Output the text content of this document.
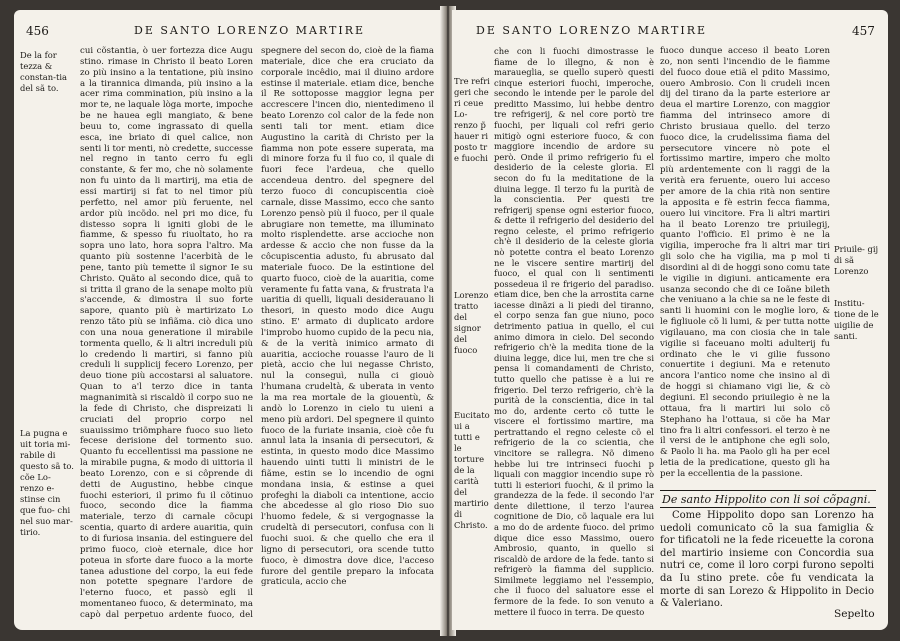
456	DE SANTO LORENZO MARTIRE
De la for tezza & constan-tia del sã to.
La pugna e uit toria mi-rabile di questo sã to. cõe Lo- renzo e- stinse cin que fuo- chi nel suo mar- tirio.

cui cõstantia, ò uer fortezza dice Augu stino. rimase in Christo il beato Loren zo più insino a la tentatione, più insino a la tirannica dimanda, più insino a la acer rima commination, più insino a la mor te, ne laquale lòga morte, impoche be ne hauea egli mangiato, & bene beuu to, come ingrassato di quella esca, ine briato di quel calice, non senti li tor menti, nò credette, successe nel regno in tanto cerro fu egli constante, & fer mo, che nò solamente non fu uinto da li martirij, ma etia de essi martirij si fat to nel timor più perfetto, nel amor più feruente, nel ardor più incõdo. nel pri mo dice, fu distesso sopra li igniti globi de le fiamme, & spesso fu riuoltato, ho ra sopra uno lato, hora sopra l'altro. Ma quanto più sostenne l'acerbità de le pene, tanto più temette il signor Ie su Christo. Quãto al secondo dice, quã to si tritta il grano de la senape molto più s'accende, & dimostra il suo forte sapore, quanto più è martirizato Lo renzo tãto più se infiãma. ciò dica uno con una noua generatione il mirabile tormenta quello, & li altri increduli più lo credendo li martiri, si fanno più creduli li supplicij fecero Lorenzo, per deuo tione più accostarsi al saluatore. Quan to a'l terzo dice in tanta magnanimità si riscaldò il corpo suo ne la fede di Christo, che dispreizati li cruciati del proprio corpo nel suauissimo triõmphare fuoco suo lieto fecese derisione del tormento suo. Quanto fu eccellentissi ma passione ne la mirabile pugna, & modo di uittoria il beato Lorenzo, con e si côprende di detti de Augustino, hebbe cinque fuochi esteriori, il primo fu il cõtinuo fuoco, secondo dice la fiamma materiale, terzo di carnale cõcupi scentia, quarto di ardere auaritia, quin to di furiosa insania. del estinguere del primo fuoco, cioè eternale, dice hor poteua in sforte dare fuoco a la morte tanea adustione del corpo, la eui fede non potette spegnare l'ardore de l'eterno fuoco, et passò egli il momentaneo fuoco, & determinato, ma capò dal perpetuo ardente fuoco, del spegnere del secon do, cioè de la fiama materiale, dice che era cruciato da corporale incêdio, mai il diuino ardore estinse il materiale. etiam dice, benche il Re sottoposse maggior legna per accrescere l'incen dio, nientedimeno il beato Lorenzo col calor de la fede non senti tali tor ment. etiam dice Augustino la carità di Christo per la fiamma non pote essere superata, ma di minore forza fu il fuo co, il quale di fuori fece l'ardeua, che quello accendeua dentro. del spegnere del terzo fuoco di concupiscentia cioè carnale, disse Massimo, ecco che santo Lorenzo pensò più il fuoco, per il quale abrugiare non temette, ma illuminato molto risplendette. arse accioche non ardesse & accio che non fusse da la côcupiscentia adusto, fu abrusato dal materiale fuoco. De la estintione del quarto fuoco, cioè de la auaritia, come veramente fu fatta vana, & frustrata l'a uaritia di quelli, liquali desiderauano li thesori, in questo modo dice Augu stino. E' armato di duplicato ardore l'improbo huomo cupido de la pecu nia, & de la verità inimico armato di auaritia, accioche rouasse l'auro de li pietà, accio che lui negasse Christo, nul la conseguì, nulla ci giouò l'humana crudeltà, & uberata in vento la ma rea mortale de la giouentù, & andò lo Lorenzo in cielo tu uieni a meno più ardori. Del spegnere il quinto fuoco de la furiate insania, cioè côe fu annul lata la insania di persecutori, & estinta, in questo modo dice Massimo hauendo uinti tutti li ministri de le fiãme, estin se lo incendio de ogni mondana insia, & estinse a quei profeghi la diaboli ca intentione, accio che abcedesse al glo rioso Dio suo l'huomo fedele, & si vergognasse la crudeltà di persecutori, confusa con li fuochi suoi. & che quello che era il ligno di persecutori, ora scende tutto fuoco, è dimostra dove dice, l'acceso furore del gentile preparo la infocata graticula, accio che

DE SANTO LORENZO MARTIRE	457
Tre refri geri che ri ceue Lo- renzo p̃ hauer ri posto tr e fuochi
Lorenzo tratto del signor del fuoco
Eucitato ui a tutti e le torture de la carità del martirio di Christo.
Priuile- gij di sã Lorenzo
Institu- tione de le uigilie de santi.

che con li fuochi dimostrasse le fiame de lo illegno, & non è maraueglia, se quello superò questi cinque esteriori fuochi, imperoche, secondo le intende per le parole del preditto Massimo, lui hebbe dentro tre refrigerij, & nel core portò tre fuochi, per liquali col refri gerio mitigò ogni esteriore fuoco, & con maggiore incendio de ardore su però. Onde il primo refrigerio fu el desiderio de la celeste gloria. El secon do fu la meditatione de la diuina legge. Il terzo fu la purità de la conscientia. Per questi tre refrigerij spense ogni esterior fuoco, & dette il refrigerio del desiderio del regno celeste, el primo refrigerio ch'è il desiderio de la celeste gloria nò potette contra el beato Lorenzo ne le viscere sentire martirij del fuoco, el qual con li sentimenti possedeua il re frigerio del paradiso. etiam dice, ben che la arrostita carne iacesse dinãzi a li piedi del tiranno, el corpo senza fan gue niuno, poco detrimento patiua in quello, el cui animo dimora in cielo. Del secondo refrigerio ch'è la medita tione de la diuina legge, dice lui, men tre che si pensa li comandamenti de Christo, tutto quello che patisse è a lui re frigerio. Del terzo refrigerio, ch'è la purità de la conscientia, dice in tal mo do, ardente certo cõ tutte le viscere el fortissimo martire, ma pertrattando el regno celeste cõ el refrigerio de la co scientia, che vincitore se rallegra. Nõ dimeno hebbe lui tre intrinseci fuochi p liquali con maggior incendio supe rò tutti li esteriori fuochi, & il primo la grandezza de la fede. il secondo l'ar dente dilettione, il terzo l'aurea cognitione de Dio, cõ laquale era lui a mo do de ardente fuoco. del primo dique dice esso Massimo, ouero Ambrosio, quanto, in quello si riscaldò de ardore de la fede. tanto si refrigerò la fiamma del supplicio. Similmete leggiamo nel l'essempio, che il fuoco del saluatore esse el fermore de la fede. Io son venuto a mettere il fuoco in terra. De questo

fuoco dunque acceso il beato Loren zo, non senti l'incendio de le fiamme del fuoco doue etiã el pdito Massimo, ouero Ambrosio. Con li crudeli incen dij del tirano da la parte esteriore ar deua el martire Lorenzo, con maggior fiamma del intrinseco amore di Christo brusiaua quello. del terzo fuoco dice, la crudelissima fiama del persecutore vincere nò pote el fortissimo martire, impero che molto più ardentemente con li raggi de la verità era feruente, ouero lui acceso per amore de la chia rità non sentire la apposita e fè estrin fecca fiamma, ouero lui vincitore. Fra li altri martiri ha il beato Lorenzo tre priuilegij, quanto l'officio. El primo è ne la vigilia, imperoche fra li altri mar tiri gli solo che ha vigilia, ma p mol ti disordini al di de hoggi sono comu tate le vigilie in digiuni. anticamente era usanza secondo che di ce Ioãne bileth che veniuano a la chie sa ne le feste di santi li huomini con le moglie loro, & le figliuole cõ li lumi, & per tutta notte vigilauano, ma con ciosia che in tale vigilie si faceuano molti adulterij fu ordinato che le vi gilie fussono conuertite i degiuni. Ma e retenuto ancora l'antico nome che insino al dì de hoggi si chiamano vigi lie, & cò degiuni. El secondo priuilegio è ne la ottaua, fra li martiri lui solo cõ Stephano ha l'ottaua, si cõe ha Mar tino fra li altri confessori. el terzo è ne il versi de le antiphone che egli solo, & Paolo li ha. ma Paolo gli ha per ecel letia de la predicatione, questo gli ha per la eccellentia de la passione.

De santo Hippolito con li soi cõpagni.

Come Hippolito dopo san Lorenzo ha uedoli comunicato cõ la sua famiglia & for tificatoli ne la fede riceuette la corona del martirio insieme con Concordia sua nutri ce, come il loro corpi furono sepolti da Iu stino prete. côe fu vendicata la morte di san Lorezo & Hippolito in Decio & Valeriano.

Sepelto
